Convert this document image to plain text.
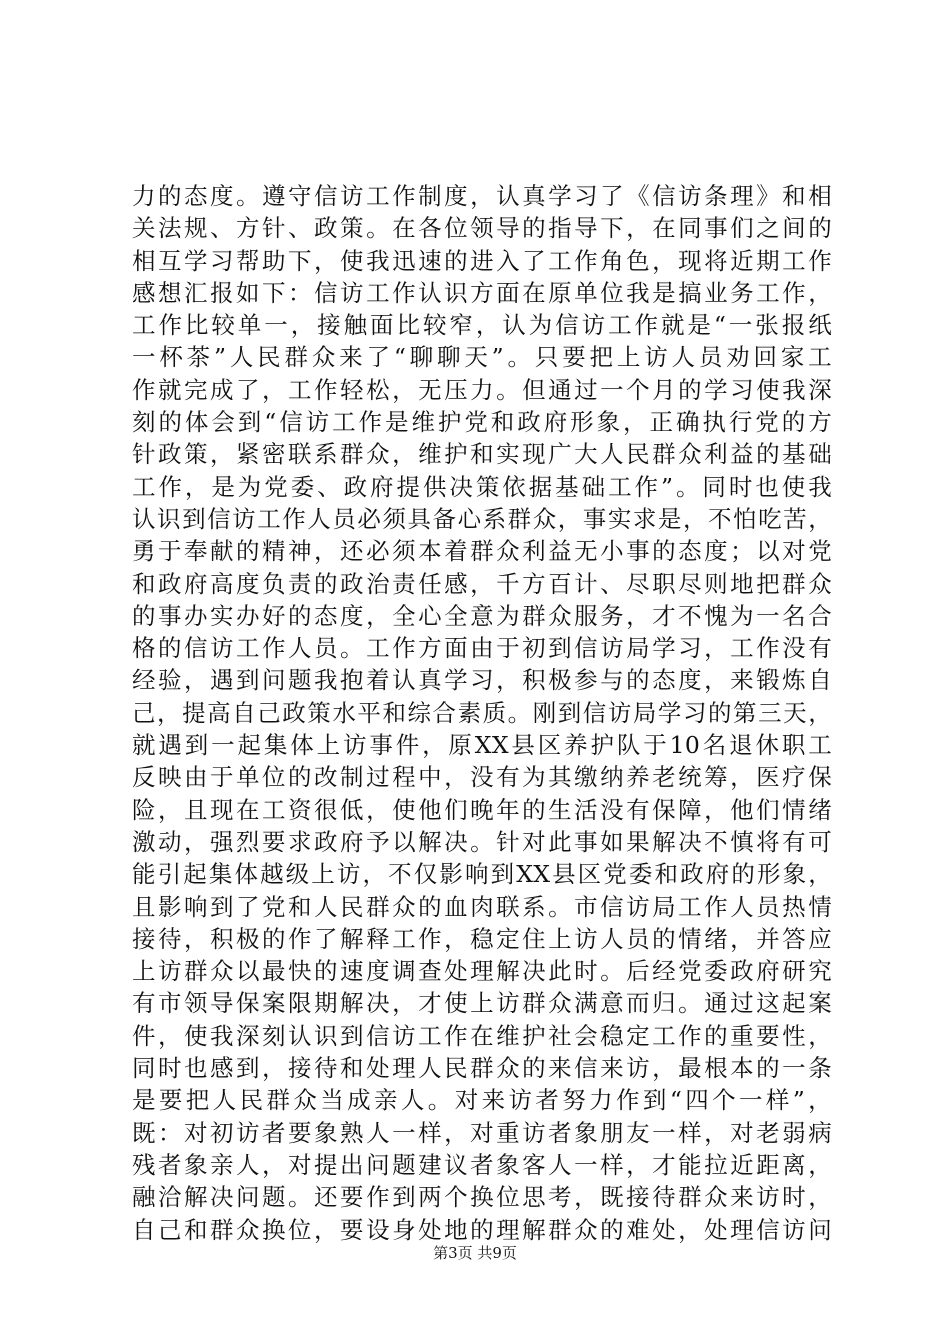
力的态度。遵守信访工作制度，认真学习了《信访条理》和相
关法规、方针、政策。在各位领导的指导下，在同事们之间的
相互学习帮助下，使我迅速的进入了工作角色，现将近期工作
感想汇报如下：信访工作认识方面在原单位我是搞业务工作，
工作比较单一，接触面比较窄，认为信访工作就是“一张报纸
一杯茶”人民群众来了“聊聊天”。只要把上访人员劝回家工
作就完成了，工作轻松，无压力。但通过一个月的学习使我深
刻的体会到“信访工作是维护党和政府形象，正确执行党的方
针政策，紧密联系群众，维护和实现广大人民群众利益的基础
工作，是为党委、政府提供决策依据基础工作”。同时也使我
认识到信访工作人员必须具备心系群众，事实求是，不怕吃苦，
勇于奉献的精神，还必须本着群众利益无小事的态度；以对党
和政府高度负责的政治责任感，千方百计、尽职尽则地把群众
的事办实办好的态度，全心全意为群众服务，才不愧为一名合
格的信访工作人员。工作方面由于初到信访局学习，工作没有
经验，遇到问题我抱着认真学习，积极参与的态度，来锻炼自
己，提高自己政策水平和综合素质。刚到信访局学习的第三天，
就遇到一起集体上访事件，原XX县区养护队于10名退休职工
反映由于单位的改制过程中，没有为其缴纳养老统筹，医疗保
险，且现在工资很低，使他们晚年的生活没有保障，他们情绪
激动，强烈要求政府予以解决。针对此事如果解决不慎将有可
能引起集体越级上访，不仅影响到XX县区党委和政府的形象，
且影响到了党和人民群众的血肉联系。市信访局工作人员热情
接待，积极的作了解释工作，稳定住上访人员的情绪，并答应
上访群众以最快的速度调查处理解决此时。后经党委政府研究
有市领导保案限期解决，才使上访群众满意而归。通过这起案
件，使我深刻认识到信访工作在维护社会稳定工作的重要性，
同时也感到，接待和处理人民群众的来信来访，最根本的一条
是要把人民群众当成亲人。对来访者努力作到“四个一样”，
既：对初访者要象熟人一样，对重访者象朋友一样，对老弱病
残者象亲人，对提出问题建议者象客人一样，才能拉近距离，
融洽解决问题。还要作到两个换位思考，既接待群众来访时，
自己和群众换位，要设身处地的理解群众的难处，处理信访问
第3页 共9页
